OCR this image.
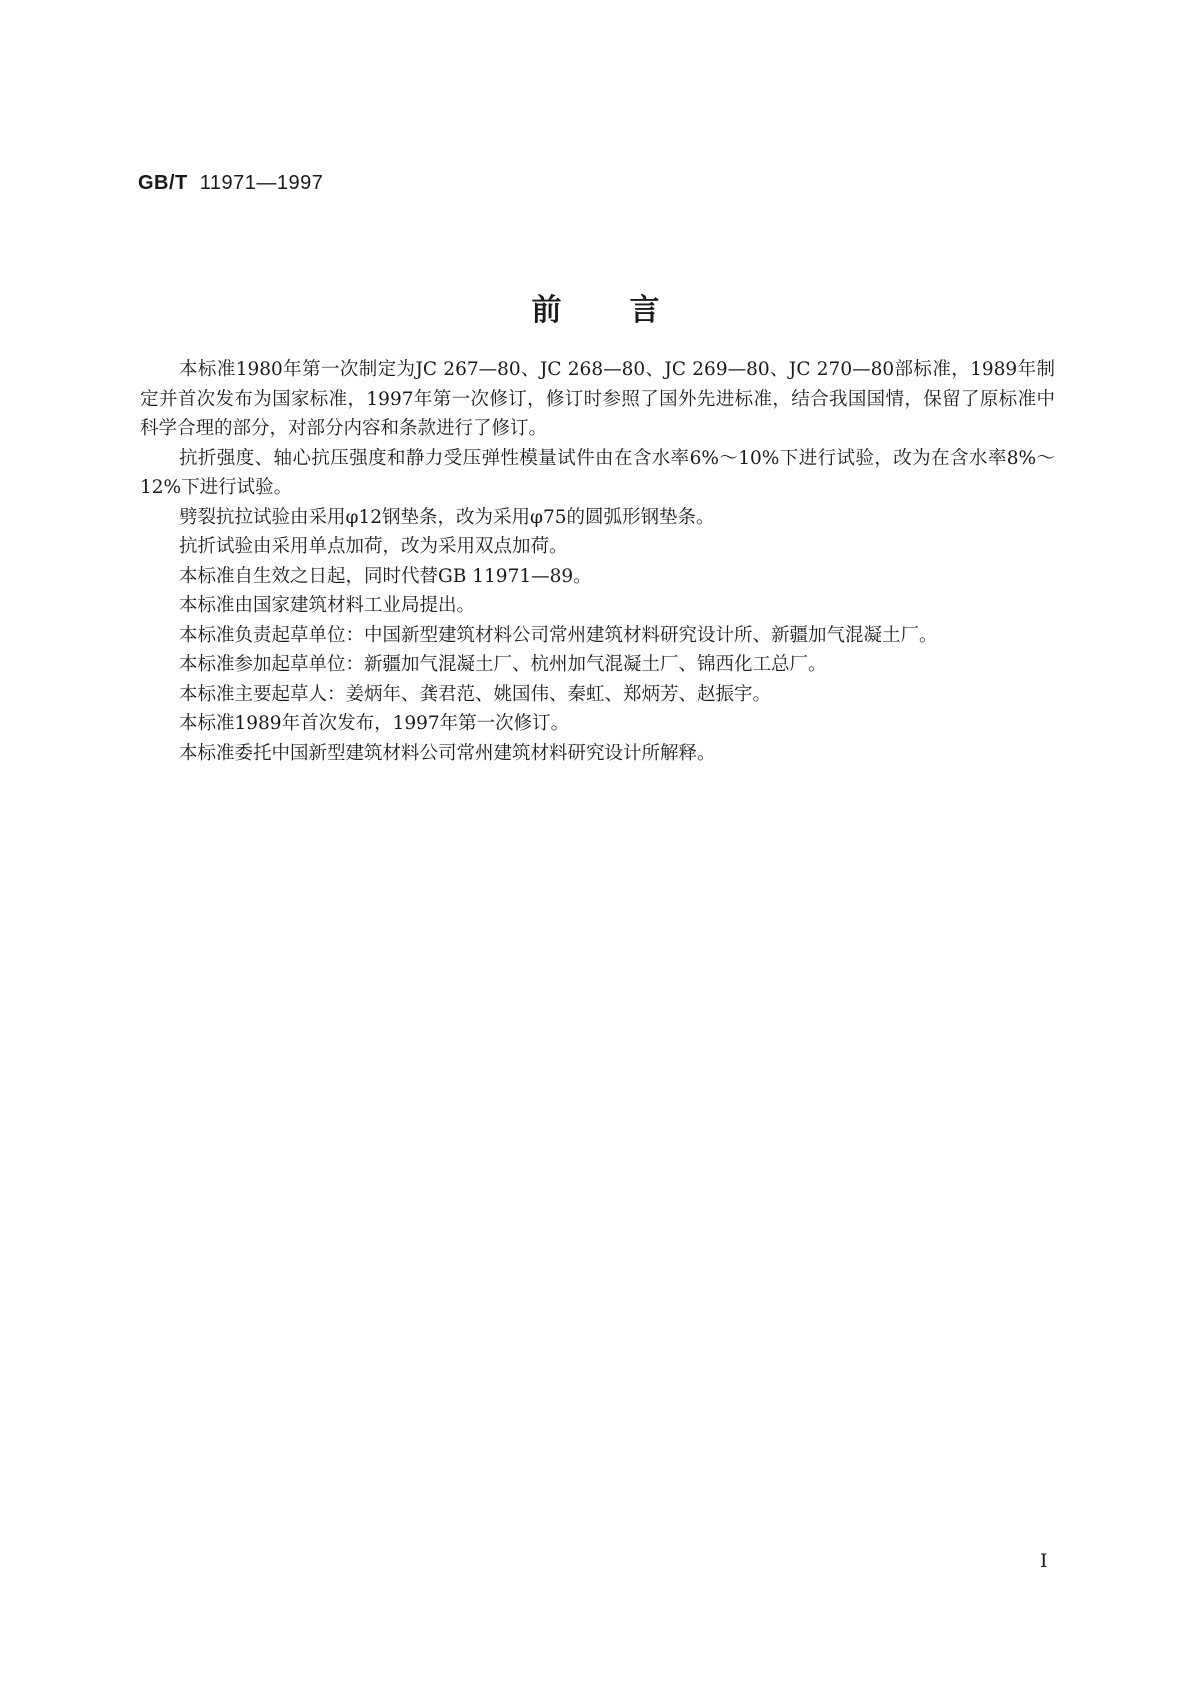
GB/T 11971—1997
前言

本标准1980年第一次制定为JC 267—80、JC 268—80、JC 269—80、JC 270—80部标准，1989年制定并首次发布为国家标准，1997年第一次修订，修订时参照了国外先进标准，结合我国国情，保留了原标准中科学合理的部分，对部分内容和条款进行了修订。

抗折强度、轴心抗压强度和静力受压弹性模量试件由在含水率6%～10%下进行试验，改为在含水率8%～12%下进行试验。

劈裂抗拉试验由采用φ12钢垫条，改为采用φ75的圆弧形钢垫条。

抗折试验由采用单点加荷，改为采用双点加荷。

本标准自生效之日起，同时代替GB 11971—89。

本标准由国家建筑材料工业局提出。

本标准负责起草单位：中国新型建筑材料公司常州建筑材料研究设计所、新疆加气混凝土厂。

本标准参加起草单位：新疆加气混凝土厂、杭州加气混凝土厂、锦西化工总厂。

本标准主要起草人：姜炳年、龚君范、姚国伟、秦虹、郑炳芳、赵振宇。

本标准1989年首次发布，1997年第一次修订。

本标准委托中国新型建筑材料公司常州建筑材料研究设计所解释。

I
